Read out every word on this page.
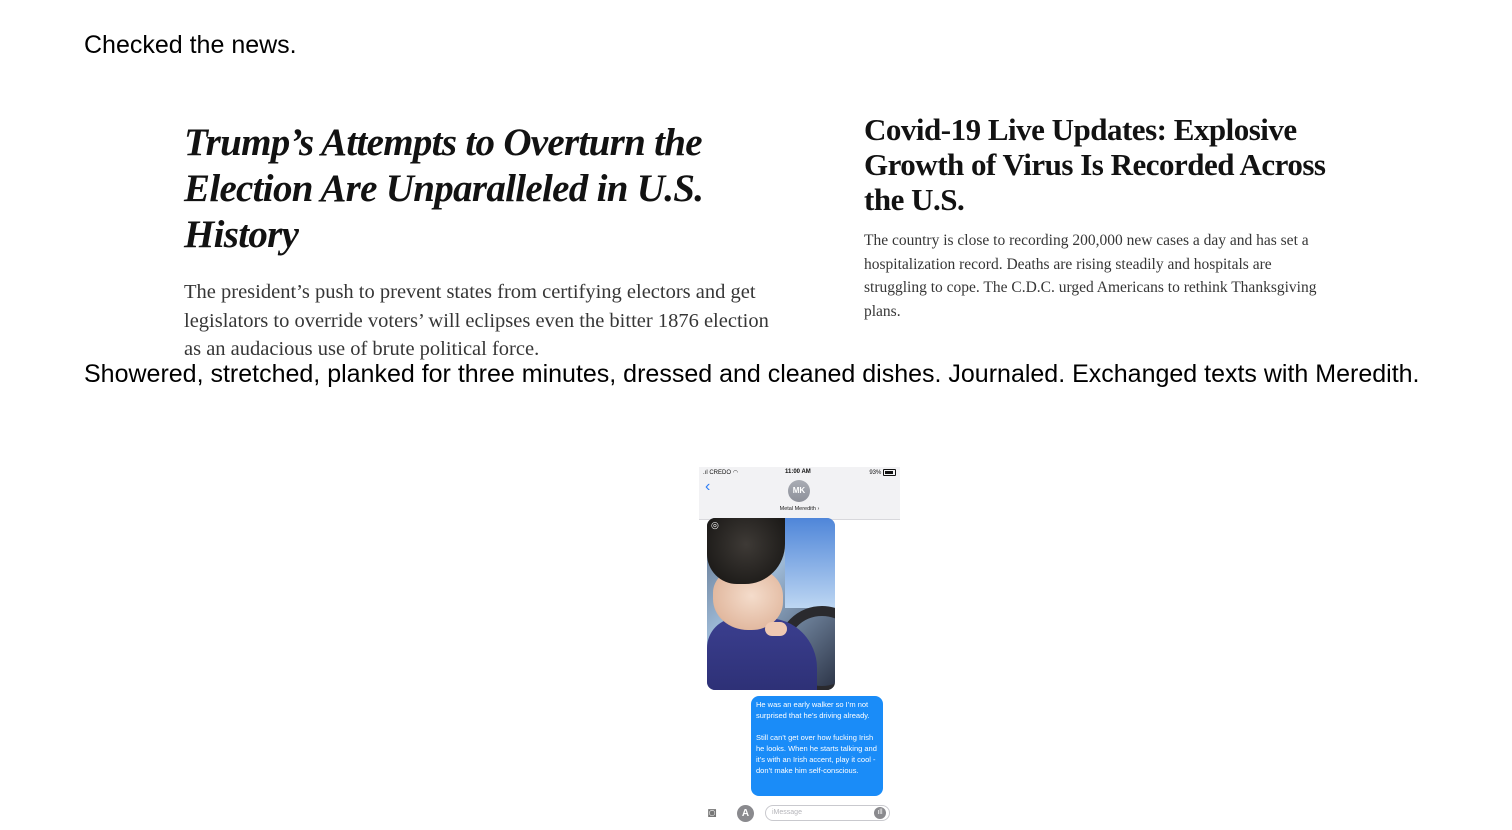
Checked the news.

Trump’s Attempts to Overturn the Election Are Unparalleled in U.S. History

The president’s push to prevent states from certifying electors and get legislators to override voters’ will eclipses even the bitter 1876 election as an audacious use of brute political force.

Covid-19 Live Updates: Explosive Growth of Virus Is Recorded Across the U.S.

The country is close to recording 200,000 new cases a day and has set a hospitalization record. Deaths are rising steadily and hospitals are struggling to cope. The C.D.C. urged Americans to rethink Thanksgiving plans.

Showered, stretched, planked for three minutes, dressed and cleaned dishes. Journaled. Exchanged texts with Meredith.

.ıl CREDO ◠	11:00 AM	93%
‹	MK
Metal Meredith ›
◎

He was an early walker so I’m not surprised that he’s driving already.

Still can’t get over how fucking Irish he looks. When he starts talking and it’s with an Irish accent, play it cool - don’t make him self-conscious.

◙	A	iMessage	ıll
